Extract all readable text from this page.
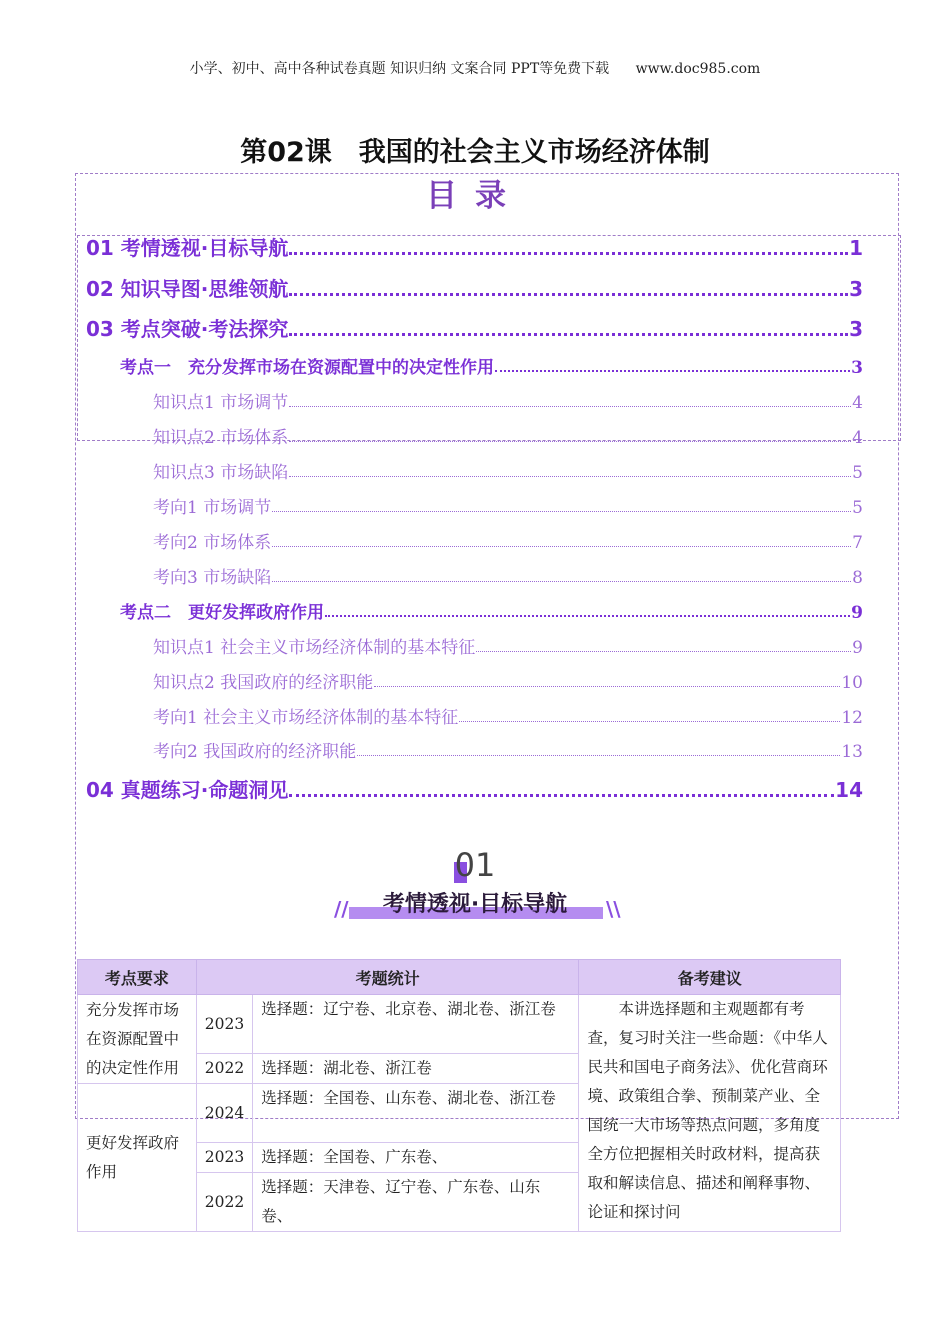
小学、初中、高中各种试卷真题 知识归纳 文案合同 PPT等免费下载 www.doc985.com
第02课　我国的社会主义市场经济体制
目录
01 考情透视·目标导航	1
02 知识导图·思维领航	3
03 考点突破·考法探究	3
考点一　充分发挥市场在资源配置中的决定性作用	3
知识点1 市场调节	4
知识点2 市场体系	4
知识点3 市场缺陷	5
考向1 市场调节	5
考向2 市场体系	7
考向3 市场缺陷	8
考点二　更好发挥政府作用	9
知识点1 社会主义市场经济体制的基本特征	9
知识点2 我国政府的经济职能	10
考向1 社会主义市场经济体制的基本特征	12
考向2 我国政府的经济职能	13
04 真题练习·命题洞见	14
01
//	考情透视·目标导航	\\
考点要求	考题统计		备考建议
充分发挥市场在资源配置中的决定性作用	2023	选择题：辽宁卷、北京卷、湖北卷、浙江卷	本讲选择题和主观题都有考查，复习时关注一些命题：《中华人民共和国电子商务法》、优化营商环境、政策组合拳、预制菜产业、全国统一大市场等热点问题，多角度全方位把握相关时政材料，提高获取和解读信息、描述和阐释事物、论证和探讨问
	2022	选择题：湖北卷、浙江卷	
更好发挥政府作用	2024	选择题：全国卷、山东卷、湖北卷、浙江卷	
	2023	选择题：全国卷、广东卷、	
	2022	选择题：天津卷、辽宁卷、广东卷、山东卷、	
